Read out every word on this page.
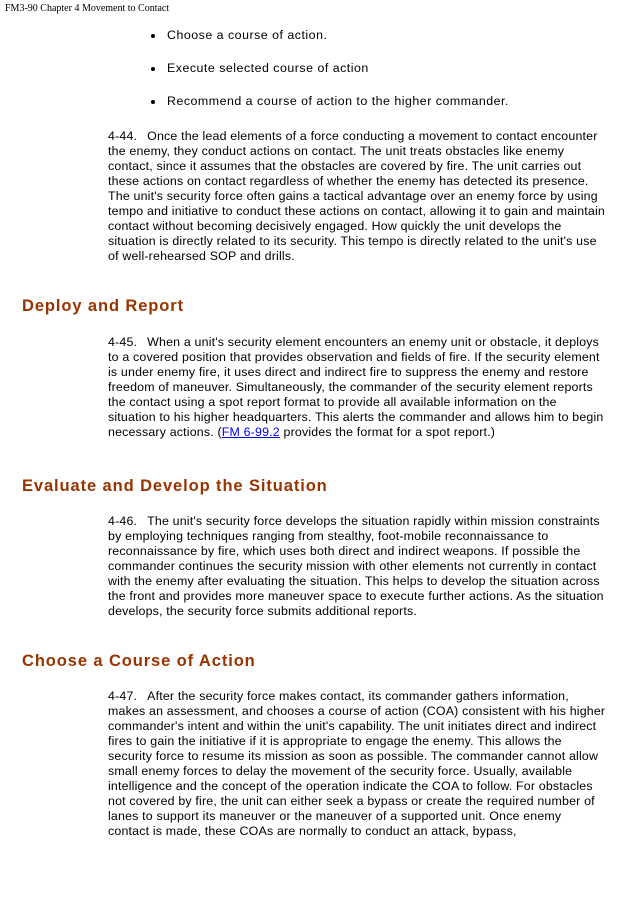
FM3-90 Chapter 4 Movement to Contact
Choose a course of action.
Execute selected course of action
Recommend a course of action to the higher commander.

4-44. Once the lead elements of a force conducting a movement to contact encounter the enemy, they conduct actions on contact. The unit treats obstacles like enemy contact, since it assumes that the obstacles are covered by fire. The unit carries out these actions on contact regardless of whether the enemy has detected its presence. The unit's security force often gains a tactical advantage over an enemy force by using tempo and initiative to conduct these actions on contact, allowing it to gain and maintain contact without becoming decisively engaged. How quickly the unit develops the situation is directly related to its security. This tempo is directly related to the unit's use of well-rehearsed SOP and drills.

Deploy and Report

4-45. When a unit's security element encounters an enemy unit or obstacle, it deploys to a covered position that provides observation and fields of fire. If the security element is under enemy fire, it uses direct and indirect fire to suppress the enemy and restore freedom of maneuver. Simultaneously, the commander of the security element reports the contact using a spot report format to provide all available information on the situation to his higher headquarters. This alerts the commander and allows him to begin necessary actions. (FM 6-99.2 provides the format for a spot report.)

Evaluate and Develop the Situation

4-46. The unit's security force develops the situation rapidly within mission constraints by employing techniques ranging from stealthy, foot-mobile reconnaissance to reconnaissance by fire, which uses both direct and indirect weapons. If possible the commander continues the security mission with other elements not currently in contact with the enemy after evaluating the situation. This helps to develop the situation across the front and provides more maneuver space to execute further actions. As the situation develops, the security force submits additional reports.

Choose a Course of Action

4-47. After the security force makes contact, its commander gathers information, makes an assessment, and chooses a course of action (COA) consistent with his higher commander's intent and within the unit's capability. The unit initiates direct and indirect fires to gain the initiative if it is appropriate to engage the enemy. This allows the security force to resume its mission as soon as possible. The commander cannot allow small enemy forces to delay the movement of the security force. Usually, available intelligence and the concept of the operation indicate the COA to follow. For obstacles not covered by fire, the unit can either seek a bypass or create the required number of lanes to support its maneuver or the maneuver of a supported unit. Once enemy contact is made, these COAs are normally to conduct an attack, bypass,
